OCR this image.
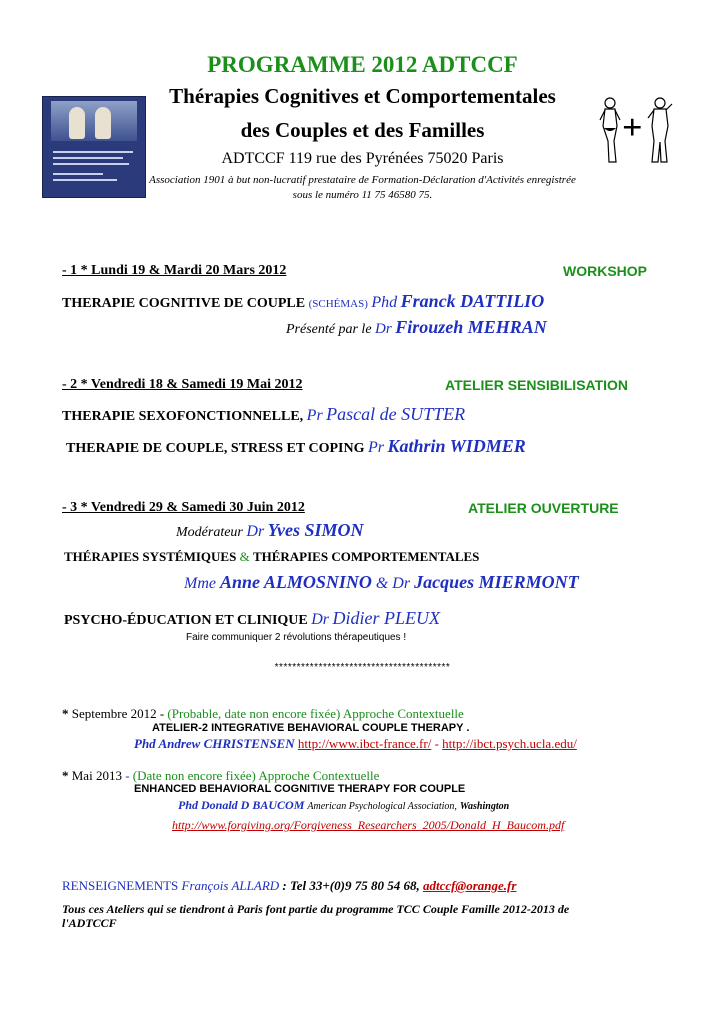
PROGRAMME 2012 ADTCCF
Thérapies Cognitives et Comportementales
des Couples et des Familles
ADTCCF 119 rue des Pyrénées 75020 Paris
Association 1901 à but non-lucratif prestataire de Formation-Déclaration d'Activités enregistrée
sous le numéro 11 75 46580 75.
+
- 1 * Lundi 19 & Mardi 20 Mars 2012	WORKSHOP
THERAPIE COGNITIVE DE COUPLE (SCHÉMAS) Phd Franck DATTILIO
Présenté par le Dr Firouzeh MEHRAN
- 2 * Vendredi 18 & Samedi 19 Mai 2012	ATELIER SENSIBILISATION
THERAPIE SEXOFONCTIONNELLE, Pr Pascal de SUTTER
THERAPIE DE COUPLE, STRESS ET COPING Pr Kathrin WIDMER
- 3 * Vendredi 29 & Samedi 30 Juin 2012	ATELIER OUVERTURE
Modérateur Dr Yves SIMON
THÉRAPIES SYSTÉMIQUES & THÉRAPIES COMPORTEMENTALES
Mme Anne ALMOSNINO & Dr Jacques MIERMONT
PSYCHO-ÉDUCATION ET CLINIQUE Dr Didier PLEUX
Faire communiquer 2 révolutions thérapeutiques !
****************************************
* Septembre 2012 - (Probable, date non encore fixée) Approche Contextuelle
ATELIER-2 INTEGRATIVE BEHAVIORAL COUPLE THERAPY .
Phd Andrew CHRISTENSEN http://www.ibct-france.fr/ - http://ibct.psych.ucla.edu/
* Mai 2013 - (Date non encore fixée) Approche Contextuelle
ENHANCED BEHAVIORAL COGNITIVE THERAPY FOR COUPLE
Phd Donald D BAUCOM American Psychological Association, Washington
http://www.forgiving.org/Forgiveness_Researchers_2005/Donald_H_Baucom.pdf
RENSEIGNEMENTS François ALLARD : Tel 33+(0)9 75 80 54 68, adtccf@orange.fr
Tous ces Ateliers qui se tiendront à Paris font partie du programme TCC Couple Famille 2012-2013 de
l'ADTCCF
